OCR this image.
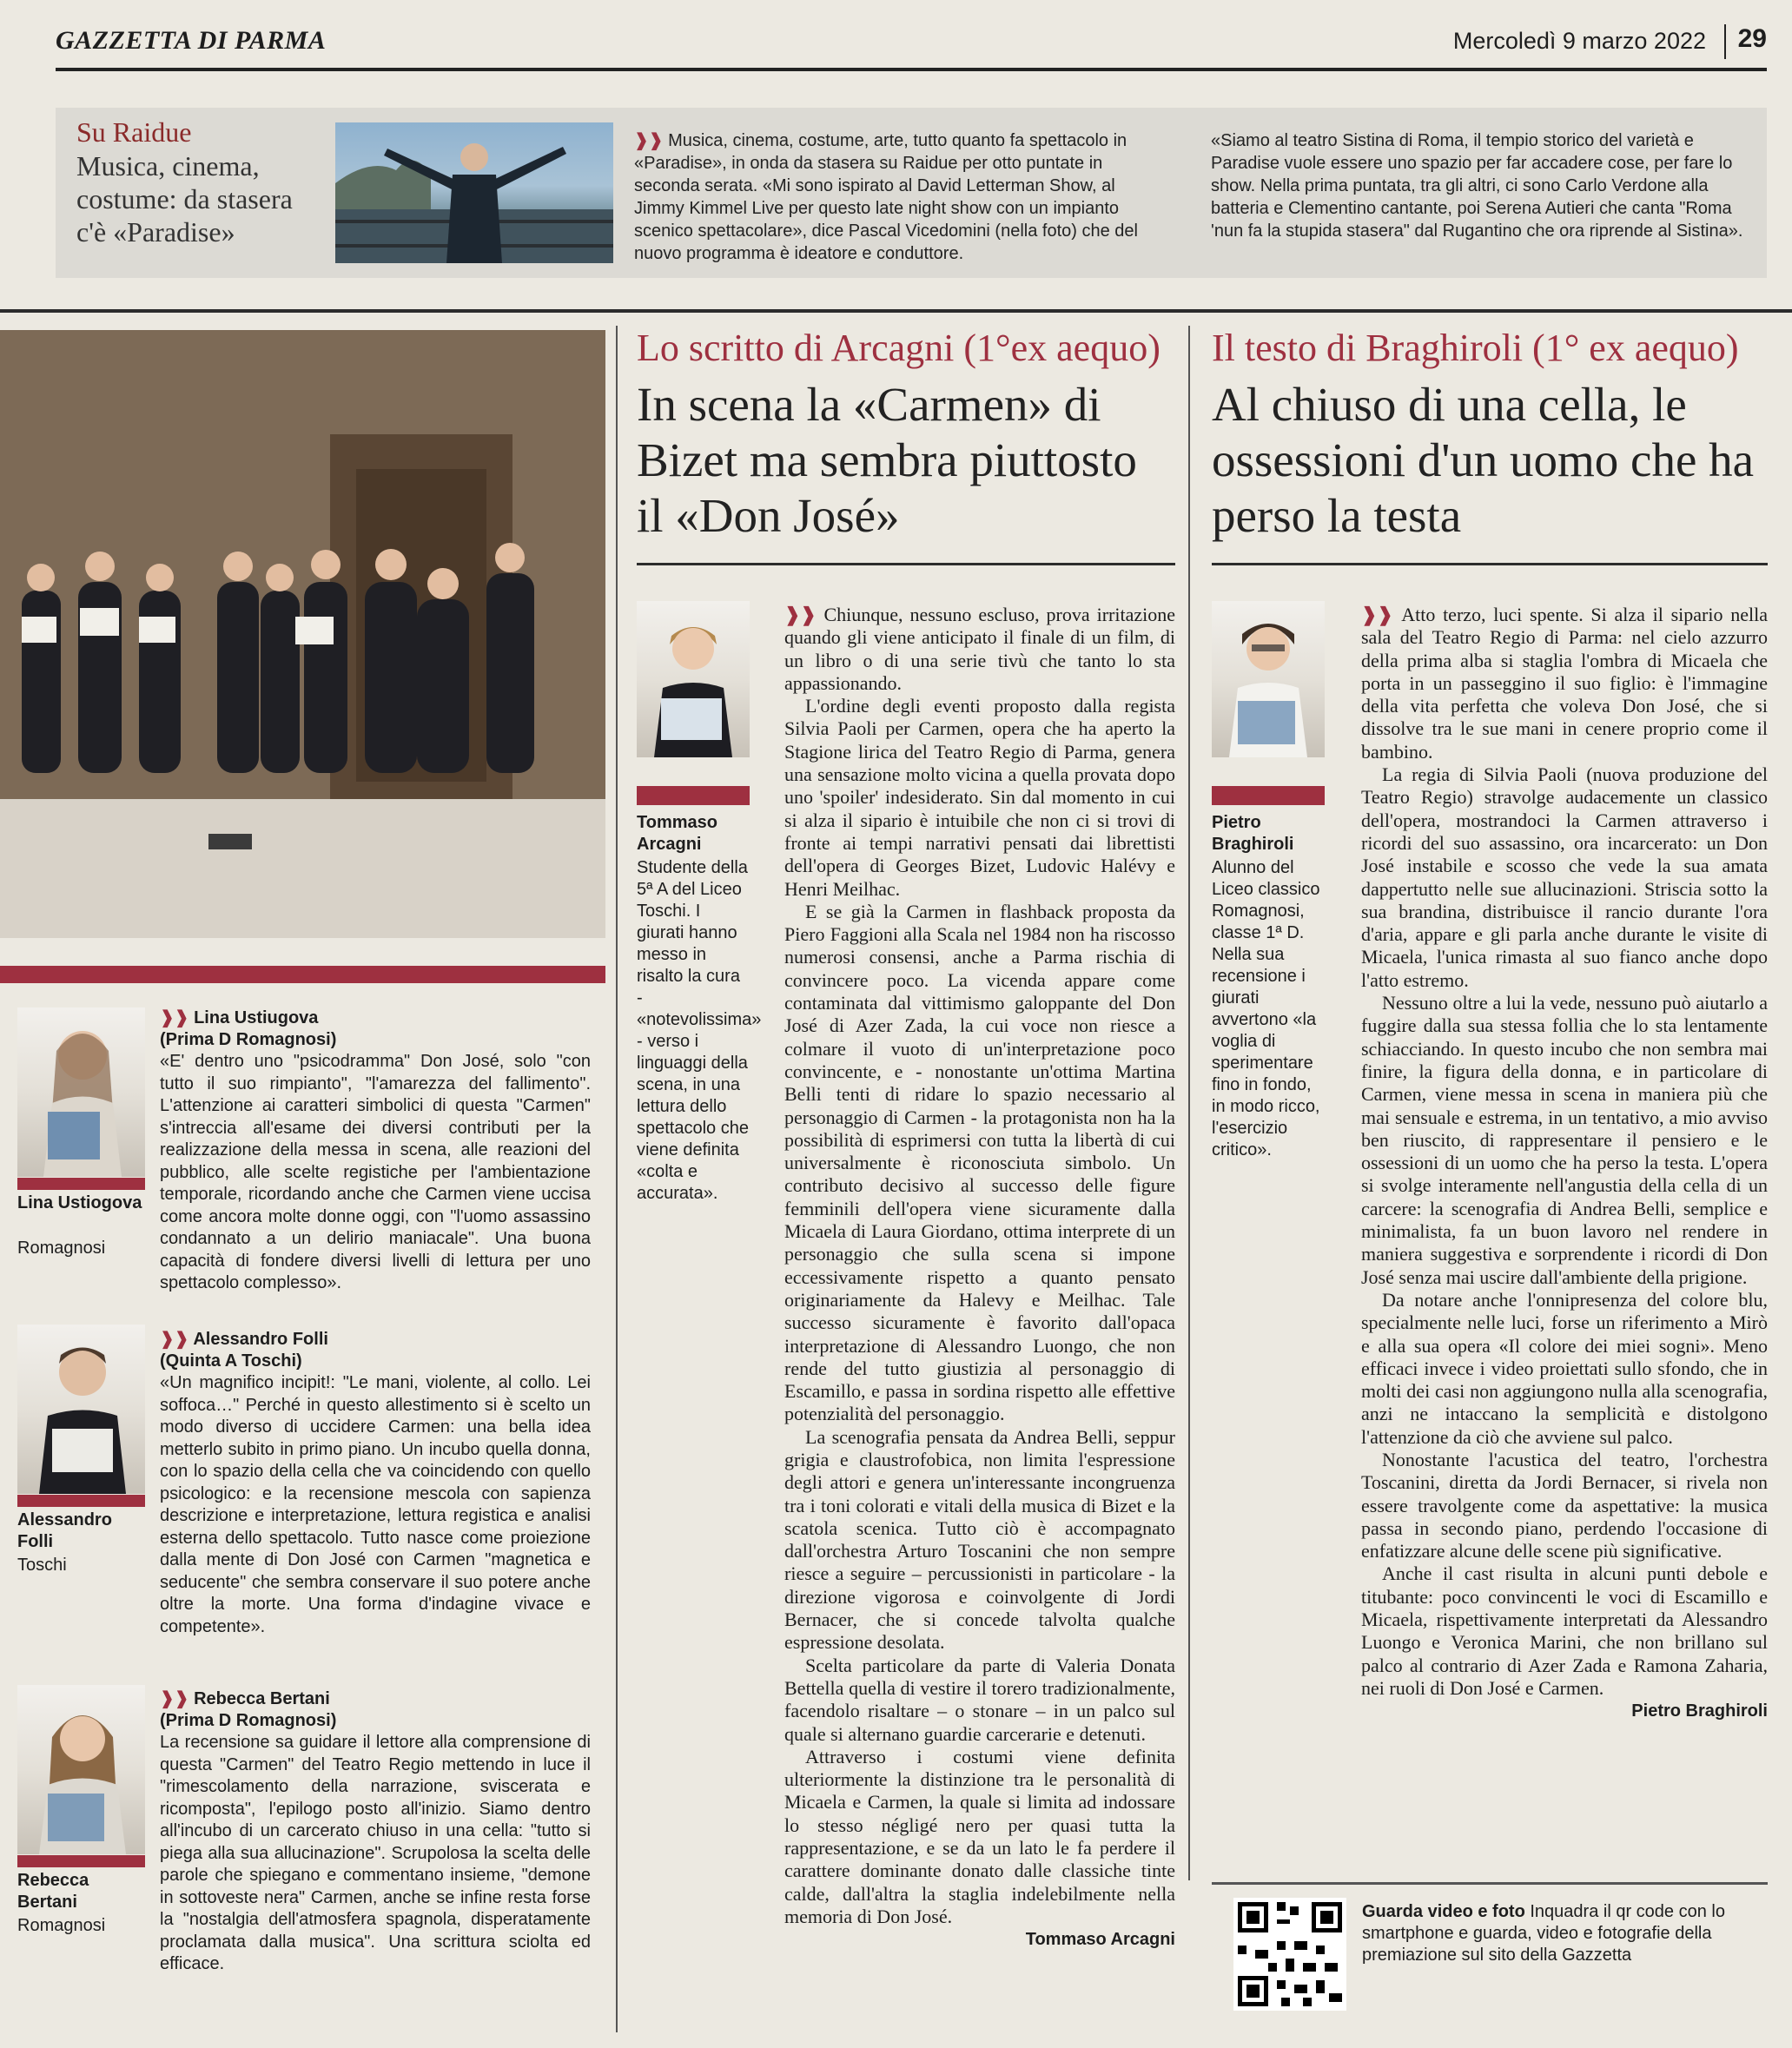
GAZZETTA DI PARMA	Mercoledì 9 marzo 2022	29
Su Raidue
Musica, cinema, costume: da stasera c'è «Paradise»
❱❱ Musica, cinema, costume, arte, tutto quanto fa spettacolo in «Paradise», in onda da stasera su Raidue per otto puntate in seconda serata. «Mi sono ispirato al David Letterman Show, al Jimmy Kimmel Live per questo late night show con un impianto scenico spettacolare», dice Pascal Vicedomini (nella foto) che del nuovo programma è ideatore e conduttore.
«Siamo al teatro Sistina di Roma, il tempio storico del varietà e Paradise vuole essere uno spazio per far accadere cose, per fare lo show. Nella prima puntata, tra gli altri, ci sono Carlo Verdone alla batteria e Clementino cantante, poi Serena Autieri che canta "Roma 'nun fa la stupida stasera" dal Rugantino che ora riprende al Sistina».
Lina Ustiogova
Romagnosi
❱❱ Lina Ustiugova
(Prima D Romagnosi)
«E' dentro uno "psicodramma" Don José, solo "con tutto il suo rimpianto", "l'amarezza del fallimento". L'attenzione ai caratteri simbolici di questa "Carmen" s'intreccia all'esame dei diversi contributi per la realizzazione della messa in scena, alle reazioni del pubblico, alle scelte registiche per l'ambientazione temporale, ricordando anche che Carmen viene uccisa come ancora molte donne oggi, con "l'uomo assassino condannato a un delirio maniacale". Una buona capacità di fondere diversi livelli di lettura per uno spettacolo complesso».
Alessandro Folli
Toschi
❱❱ Alessandro Folli
(Quinta A Toschi)
«Un magnifico incipit!: "Le mani, violente, al collo. Lei soffoca…" Perché in questo allestimento si è scelto un modo diverso di uccidere Carmen: una bella idea metterlo subito in primo piano. Un incubo quella donna, con lo spazio della cella che va coincidendo con quello psicologico: e la recensione mescola con sapienza descrizione e interpretazione, lettura registica e analisi esterna dello spettacolo. Tutto nasce come proiezione dalla mente di Don José con Carmen "magnetica e seducente" che sembra conservare il suo potere anche oltre la morte. Una forma d'indagine vivace e competente».
Rebecca Bertani
Romagnosi
❱❱ Rebecca Bertani
(Prima D Romagnosi)
La recensione sa guidare il lettore alla comprensione di questa "Carmen" del Teatro Regio mettendo in luce il "rimescolamento della narrazione, sviscerata e ricomposta", l'epilogo posto all'inizio. Siamo dentro all'incubo di un carcerato chiuso in una cella: "tutto si piega alla sua allucinazione". Scrupolosa la scelta delle parole che spiegano e commentano insieme, "demone in sottoveste nera" Carmen, anche se infine resta forse la "nostalgia dell'atmosfera spagnola, disperatamente proclamata dalla musica". Una scrittura sciolta ed efficace.
Lo scritto di Arcagni (1°ex aequo)
In scena la «Carmen» di Bizet ma sembra piuttosto il «Don José»
Tommaso Arcagni
Studente della 5ª A del Liceo Toschi. I giurati hanno messo in risalto la cura - «notevolissima» - verso i linguaggi della scena, in una lettura dello spettacolo che viene definita «colta e accurata».

❱❱ Chiunque, nessuno escluso, prova irritazione quando gli viene anticipato il finale di un film, di un libro o di una serie tivù che tanto lo sta appassionando.

L'ordine degli eventi proposto dalla regista Silvia Paoli per Carmen, opera che ha aperto la Stagione lirica del Teatro Regio di Parma, genera una sensazione molto vicina a quella provata dopo uno 'spoiler' indesiderato. Sin dal momento in cui si alza il sipario è intuibile che non ci si trovi di fronte ai tempi narrativi pensati dai librettisti dell'opera di Georges Bizet, Ludovic Halévy e Henri Meilhac.

E se già la Carmen in flashback proposta da Piero Faggioni alla Scala nel 1984 non ha riscosso numerosi consensi, anche a Parma rischia di convincere poco. La vicenda appare come contaminata dal vittimismo galoppante del Don José di Azer Zada, la cui voce non riesce a colmare il vuoto di un'interpretazione poco convincente, e - nonostante un'ottima Martina Belli tenti di ridare lo spazio necessario al personaggio di Carmen - la protagonista non ha la possibilità di esprimersi con tutta la libertà di cui universalmente è riconosciuta simbolo. Un contributo decisivo al successo delle figure femminili dell'opera viene sicuramente dalla Micaela di Laura Giordano, ottima interprete di un personaggio che sulla scena si impone eccessivamente rispetto a quanto pensato originariamente da Halevy e Meilhac. Tale successo sicuramente è favorito dall'opaca interpretazione di Alessandro Luongo, che non rende del tutto giustizia al personaggio di Escamillo, e passa in sordina rispetto alle effettive potenzialità del personaggio.

La scenografia pensata da Andrea Belli, seppur grigia e claustrofobica, non limita l'espressione degli attori e genera un'interessante incongruenza tra i toni colorati e vitali della musica di Bizet e la scatola scenica. Tutto ciò è accompagnato dall'orchestra Arturo Toscanini che non sempre riesce a seguire – percussionisti in particolare - la direzione vigorosa e coinvolgente di Jordi Bernacer, che si concede talvolta qualche espressione desolata.

Scelta particolare da parte di Valeria Donata Bettella quella di vestire il torero tradizionalmente, facendolo risaltare – o stonare – in un palco sul quale si alternano guardie carcerarie e detenuti.

Attraverso i costumi viene definita ulteriormente la distinzione tra le personalità di Micaela e Carmen, la quale si limita ad indossare lo stesso négligé nero per quasi tutta la rappresentazione, e se da un lato le fa perdere il carattere dominante donato dalle classiche tinte calde, dall'altra la staglia indelebilmente nella memoria di Don José.

Tommaso Arcagni

Il testo di Braghiroli (1° ex aequo)
Al chiuso di una cella, le ossessioni d'un uomo che ha perso la testa
Pietro Braghiroli
Alunno del Liceo classico Romagnosi, classe 1ª D. Nella sua recensione i giurati avvertono «la voglia di sperimentare fino in fondo, in modo ricco, l'esercizio critico».

❱❱ Atto terzo, luci spente. Si alza il sipario nella sala del Teatro Regio di Parma: nel cielo azzurro della prima alba si staglia l'ombra di Micaela che porta in un passeggino il suo figlio: è l'immagine della vita perfetta che voleva Don José, che si dissolve tra le sue mani in cenere proprio come il bambino.

La regia di Silvia Paoli (nuova produzione del Teatro Regio) stravolge audacemente un classico dell'opera, mostrandoci la Carmen attraverso i ricordi del suo assassino, ora incarcerato: un Don José instabile e scosso che vede la sua amata dappertutto nelle sue allucinazioni. Striscia sotto la sua brandina, distribuisce il rancio durante l'ora d'aria, appare e gli parla anche durante le visite di Micaela, l'unica rimasta al suo fianco anche dopo l'atto estremo.

Nessuno oltre a lui la vede, nessuno può aiutarlo a fuggire dalla sua stessa follia che lo sta lentamente schiacciando. In questo incubo che non sembra mai finire, la figura della donna, e in particolare di Carmen, viene messa in scena in maniera più che mai sensuale e estrema, in un tentativo, a mio avviso ben riuscito, di rappresentare il pensiero e le ossessioni di un uomo che ha perso la testa. L'opera si svolge interamente nell'angustia della cella di un carcere: la scenografia di Andrea Belli, semplice e minimalista, fa un buon lavoro nel rendere in maniera suggestiva e sorprendente i ricordi di Don José senza mai uscire dall'ambiente della prigione.

Da notare anche l'onnipresenza del colore blu, specialmente nelle luci, forse un riferimento a Mirò e alla sua opera «Il colore dei miei sogni». Meno efficaci invece i video proiettati sullo sfondo, che in molti dei casi non aggiungono nulla alla scenografia, anzi ne intaccano la semplicità e distolgono l'attenzione da ciò che avviene sul palco.

Nonostante l'acustica del teatro, l'orchestra Toscanini, diretta da Jordi Bernacer, si rivela non essere travolgente come da aspettative: la musica passa in secondo piano, perdendo l'occasione di enfatizzare alcune delle scene più significative.

Anche il cast risulta in alcuni punti debole e titubante: poco convincenti le voci di Escamillo e Micaela, rispettivamente interpretati da Alessandro Luongo e Veronica Marini, che non brillano sul palco al contrario di Azer Zada e Ramona Zaharia, nei ruoli di Don José e Carmen.

Pietro Braghiroli

Guarda video e foto Inquadra il qr code con lo smartphone e guarda, video e fotografie della premiazione sul sito della Gazzetta
